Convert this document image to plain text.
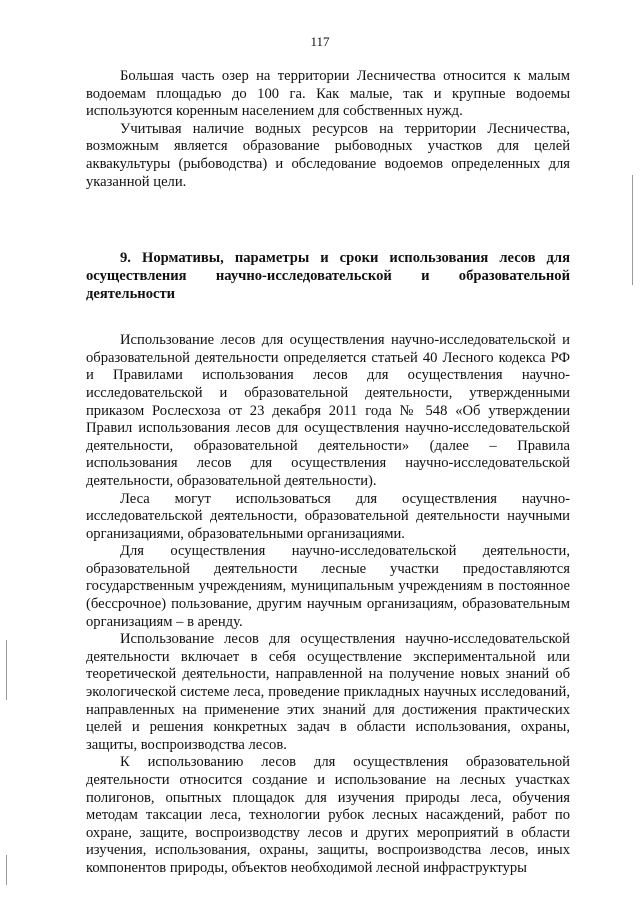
117

Большая часть озер на территории Лесничества относится к малым водоемам площадью до 100 га. Как малые, так и крупные водоемы используются коренным населением для собственных нужд.

Учитывая наличие водных ресурсов на территории Лесничества, возможным является образование рыбоводных участков для целей аквакультуры (рыбоводства) и обследование водоемов определенных для указанной цели.

9. Нормативы, параметры и сроки использования лесов для осуществления научно-исследовательской и образовательной деятельности

Использование лесов для осуществления научно-исследовательской и образовательной деятельности определяется статьей 40 Лесного кодекса РФ и Правилами использования лесов для осуществления научно-исследовательской и образовательной деятельности, утвержденными приказом Рослесхоза от 23 декабря 2011 года № 548 «Об утверждении Правил использования лесов для осуществления научно-исследовательской деятельности, образовательной деятельности» (далее – Правила использования лесов для осуществления научно-исследовательской деятельности, образовательной деятельности).

Леса могут использоваться для осуществления научно-исследовательской деятельности, образовательной деятельности научными организациями, образовательными организациями.

Для осуществления научно-исследовательской деятельности, образовательной деятельности лесные участки предоставляются государственным учреждениям, муниципальным учреждениям в постоянное (бессрочное) пользование, другим научным организациям, образовательным организациям – в аренду.

Использование лесов для осуществления научно-исследовательской деятельности включает в себя осуществление экспериментальной или теоретической деятельности, направленной на получение новых знаний об экологической системе леса, проведение прикладных научных исследований, направленных на применение этих знаний для достижения практических целей и решения конкретных задач в области использования, охраны, защиты, воспроизводства лесов.

К использованию лесов для осуществления образовательной деятельности относится создание и использование на лесных участках полигонов, опытных площадок для изучения природы леса, обучения методам таксации леса, технологии рубок лесных насаждений, работ по охране, защите, воспроизводству лесов и других мероприятий в области изучения, использования, охраны, защиты, воспроизводства лесов, иных компонентов природы, объектов необходимой лесной инфраструктуры
